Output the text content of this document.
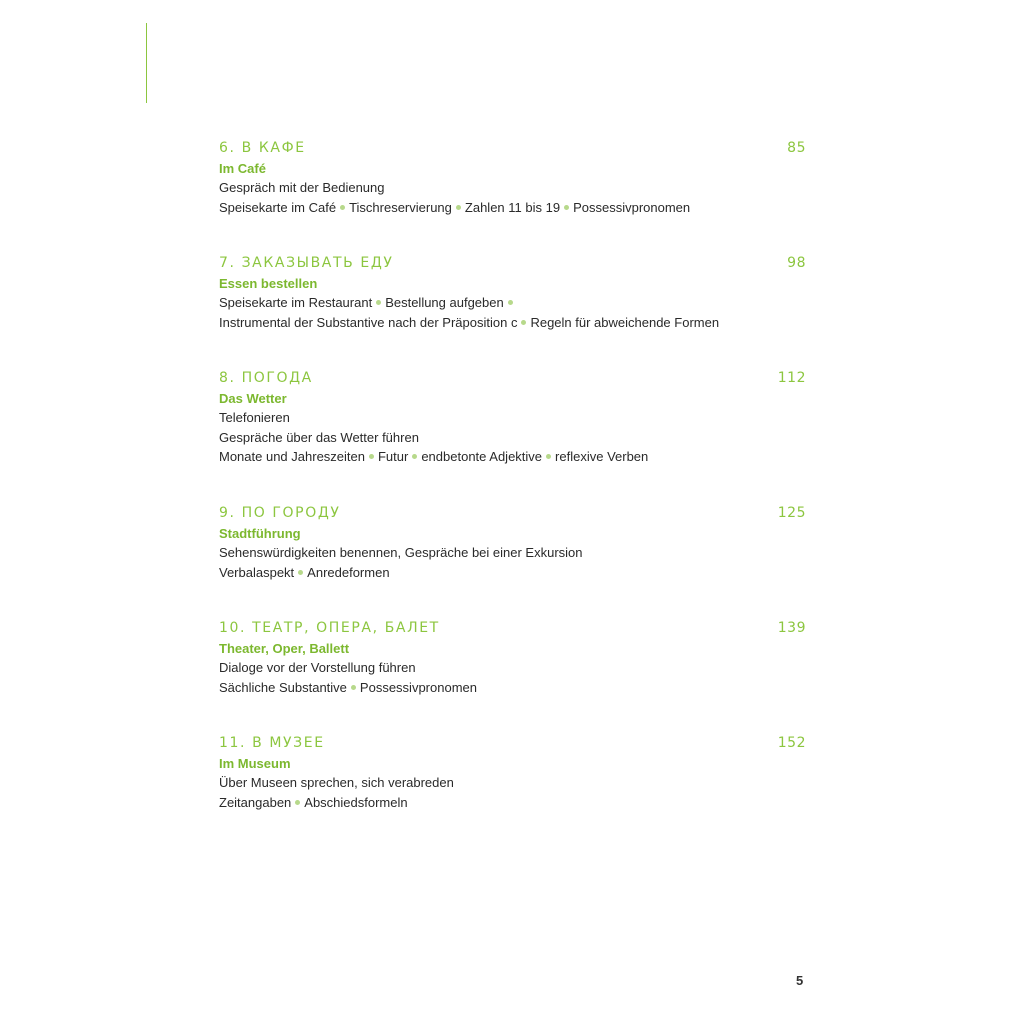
6. В КАФЕ	85
Im Café
Gespräch mit der Bedienung
Speisekarte im Café Tischreservierung Zahlen 11 bis 19 Possessivpronomen
7. ЗАКАЗЫВАТЬ ЕДУ	98
Essen bestellen
Speisekarte im Restaurant Bestellung aufgeben
Instrumental der Substantive nach der Präposition с Regeln für abweichende Formen
8. ПОГОДА	112
Das Wetter
Telefonieren
Gespräche über das Wetter führen
Monate und Jahreszeiten Futur endbetonte Adjektive reflexive Verben
9. ПО ГОРОДУ	125
Stadtführung
Sehenswürdigkeiten benennen, Gespräche bei einer Exkursion
Verbalaspekt Anredeformen
10. ТЕАТР, ОПЕРА, БАЛЕТ	139
Theater, Oper, Ballett
Dialoge vor der Vorstellung führen
Sächliche Substantive Possessivpronomen
11. В МУЗЕЕ	152
Im Museum
Über Museen sprechen, sich verabreden
Zeitangaben Abschiedsformeln
5
